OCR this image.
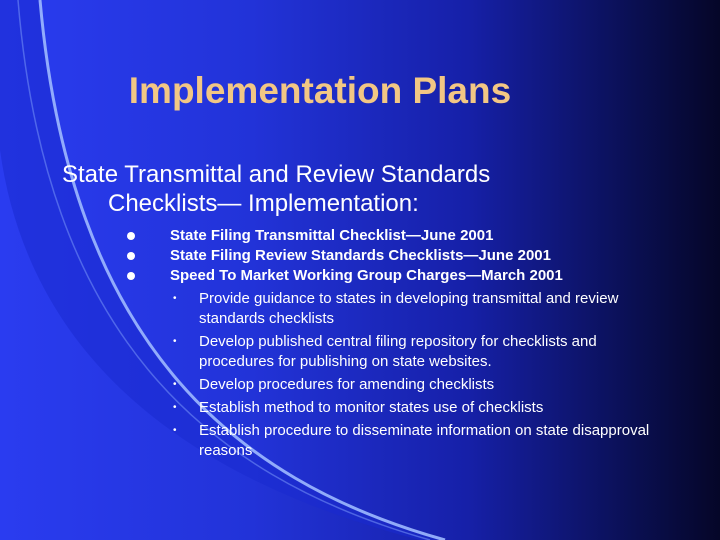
Implementation Plans
State Transmittal and Review Standards
Checklists— Implementation:
State Filing Transmittal Checklist—June 2001
State Filing Review Standards Checklists—June 2001
Speed To Market Working Group Charges—March 2001
• Provide guidance to states in developing transmittal and review standards checklists
• Develop published central filing repository for checklists and procedures for publishing on state websites.
• Develop procedures for amending checklists
• Establish method to monitor states use of checklists
• Establish procedure to disseminate information on state disapproval reasons
